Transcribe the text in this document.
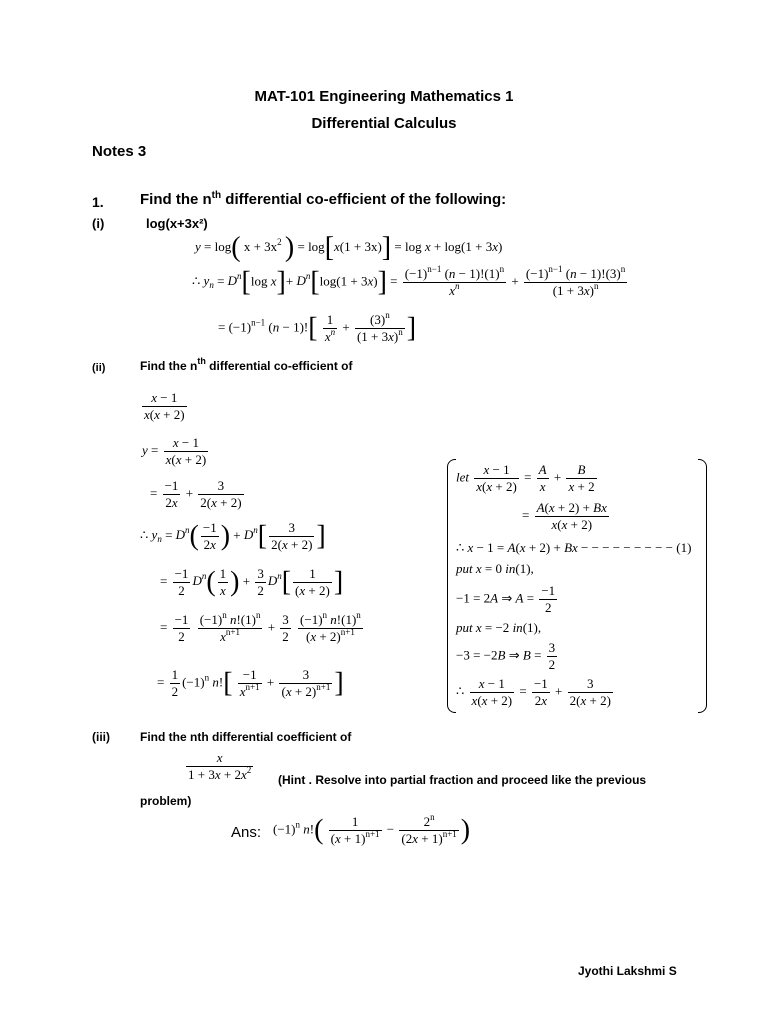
MAT-101 Engineering Mathematics 1
Differential Calculus
Notes 3
1. Find the $n^{th}$ differential co-efficient of the following:
(i)	log(x+3x²)
y = log( $x + 3x^2$ ) = log[x(1 + 3x)] = log x + log(1 + 3x)
∴ $y_n = D^n[\log$ $x]+ D^n[\log(1 + 3x)] = \frac{(-1)^{n-1} (n - 1)!(1)^n}{x^n} + \frac{(-1)^{n-1} (n - 1)!(3)^n}{(1 + 3x)^n}$
= $(-1)^{n-1}$ $(n - 1)![ \frac{1}{x^n} + \frac{(3)^n}{(1 + 3x)^n}$ ]
(ii)	Find the $n^{th}$ differential co-efficient of
$\frac{x - 1}{x(x + 2)}$
$y = \frac{x - 1}{x(x + 2)}$
= $\frac{-1}{2x} + \frac{3}{2(x + 2)}$
∴ $y_n = D^n( \frac{-1}{2x}$ ) + $D^n[ \frac{3}{2(x + 2)}$ ]
= $\frac{-1}{2} D^n( \frac{1}{x}$ ) + $\frac{3}{2} D^n[ \frac{1}{(x + 2)}$ ]
= $\frac{-1}{2}$
$\frac{(-1)^n n!(1)^n}{x^{n+1}} + \frac{3}{2}$
$\frac{(-1)^n n!(1)^n}{(x + 2)^{n+1}}$
= $\frac{1}{2} (-1)^n$ $n![ \frac{-1}{x^{n+1}} + \frac{3}{(x + 2)^{n+1}}$ ]
let $\frac{x - 1}{x(x + 2)} = \frac{A}{x} + \frac{B}{x + 2}$
= $\frac{A(x + 2) + Bx}{x(x + 2)}$
∴ x − 1 = A(x + 2) + Bx − − − − − − − − − (1)
put x = 0 in(1),
−1 = 2A ⇒ $A = \frac{-1}{2}$
put x = −2 in(1),
−3 = −2B ⇒ $B = \frac{3}{2}$
∴ $\frac{x - 1}{x(x + 2)} = \frac{-1}{2x} + \frac{3}{2(x + 2)}$
(iii)	Find the nth differential coefficient of
$\frac{x}{1 + 3x + 2x^2}$ (Hint . Resolve into partial fraction and proceed like the previous
problem)
Ans: $(-1)^n$ $n!( \frac{1}{(x + 1)^{n+1}} - \frac{2^n}{(2x + 1)^{n+1}}$ )
Jyothi Lakshmi S
